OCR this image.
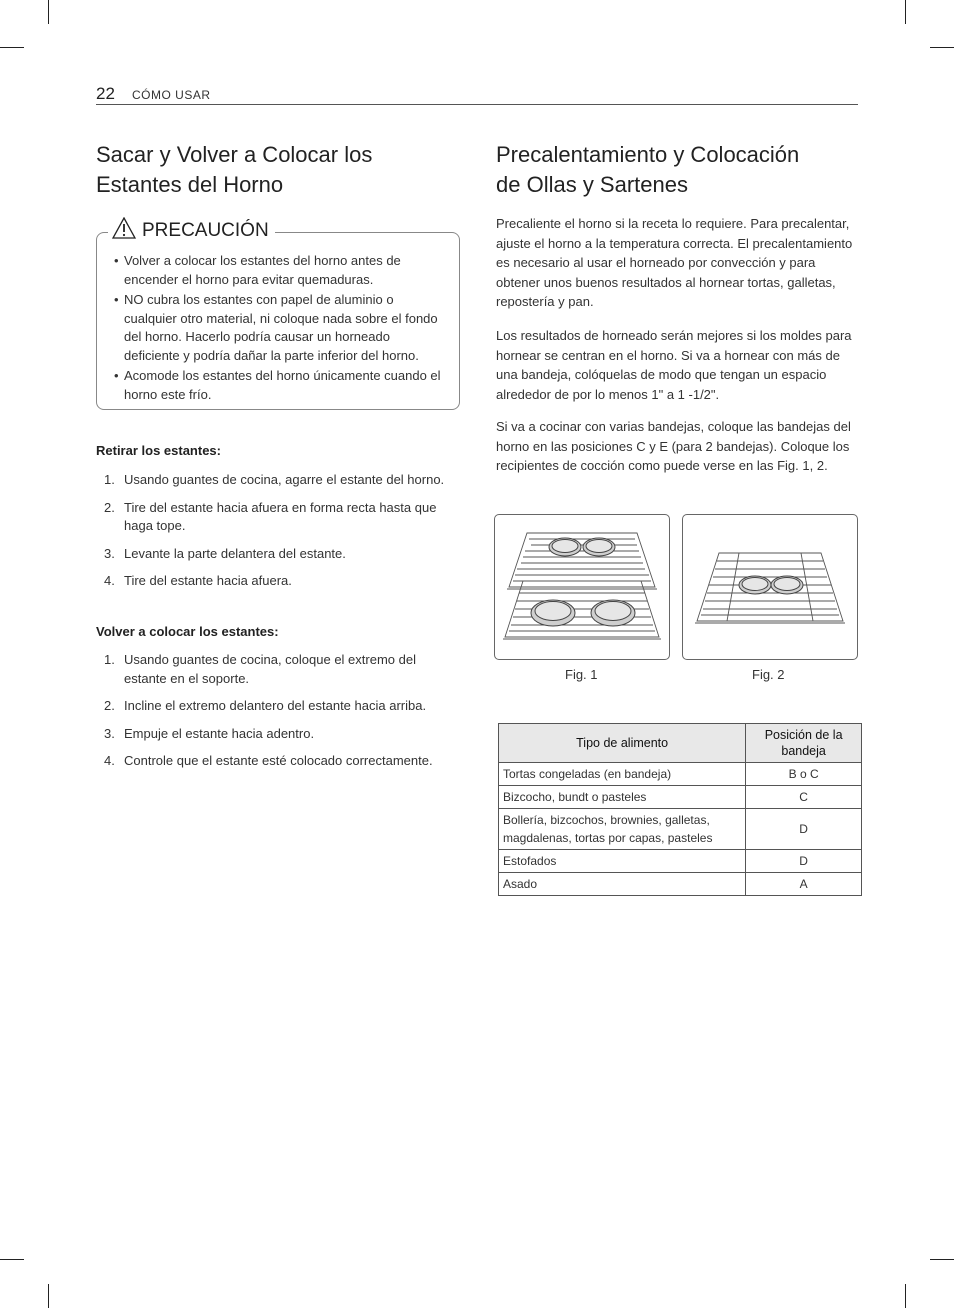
22 CÓMO USAR
Sacar y Volver a Colocar los
Estantes del Horno
PRECAUCIÓN
• Volver a colocar los estantes del horno antes de encender el horno para evitar quemaduras.
• NO cubra los estantes con papel de aluminio o cualquier otro material, ni coloque nada sobre el fondo del horno. Hacerlo podría causar un horneado deficiente y podría dañar la parte inferior del horno.
• Acomode los estantes del horno únicamente cuando el horno este frío.
Retirar los estantes:
1. Usando guantes de cocina, agarre el estante del horno.
2. Tire del estante hacia afuera en forma recta hasta que haga tope.
3. Levante la parte delantera del estante.
4. Tire del estante hacia afuera.
Volver a colocar los estantes:
1. Usando guantes de cocina, coloque el extremo del estante en el soporte.
2. Incline el extremo delantero del estante hacia arriba.
3. Empuje el estante hacia adentro.
4. Controle que el estante esté colocado correctamente.
Precalentamiento y Colocación
de Ollas y Sartenes

Precaliente el horno si la receta lo requiere. Para precalentar, ajuste el horno a la temperatura correcta. El precalentamiento es necesario al usar el horneado por convección y para obtener unos buenos resultados al hornear tortas, galletas, repostería y pan.

Los resultados de horneado serán mejores si los moldes para hornear se centran en el horno. Si va a hornear con más de una bandeja, colóquelas de modo que tengan un espacio alrededor de por lo menos 1" a 1 -1/2".

Si va a cocinar con varias bandejas, coloque las bandejas del horno en las posiciones C y E (para 2 bandejas). Coloque los recipientes de cocción como puede verse en las Fig. 1, 2.

Fig. 1	Fig. 2
Tipo de alimento	Posición de la bandeja
Tortas congeladas (en bandeja)	B o C
Bizcocho, bundt o pasteles	C
Bollería, bizcochos, brownies, galletas, magdalenas, tortas por capas, pasteles	D
Estofados	D
Asado	A
